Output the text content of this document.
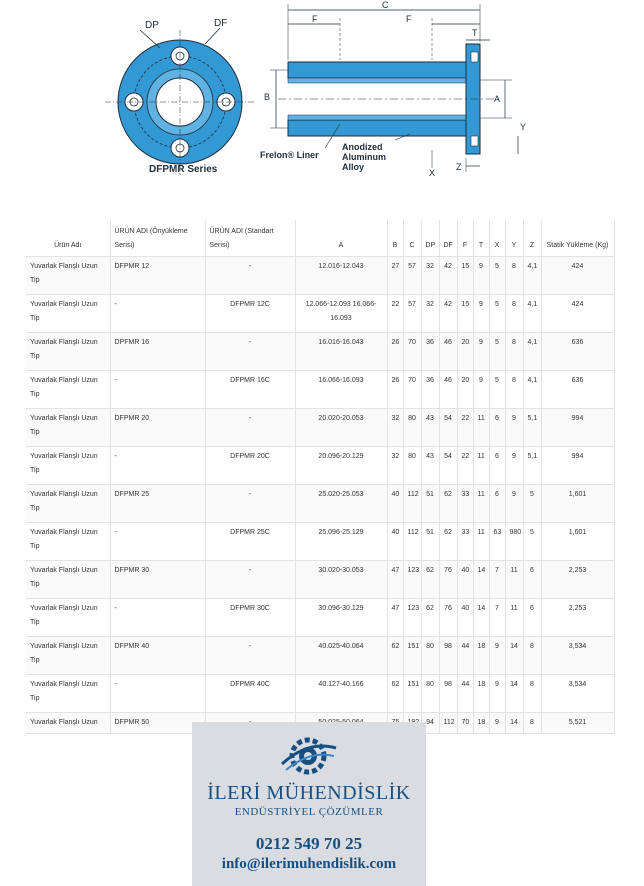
DP	DF
DFPMR Series
C
F	F
T
B	A
Y
X
Z
Frelon® Liner
Anodized
Aluminum
Alloy
Ürün Adı	ÜRÜN ADI (Önyükleme Serisi)	ÜRÜN ADI (Standart Serisi)	A	B	C	DP	DF	F	T	X	Y	Z	Statik Yükleme (Kg)
Yuvarlak Flanşlı Uzun Tip	DFPMR 12	-	12.016-12.043	27	57	32	42	15	9	5	8	4,1	424
Yuvarlak Flanşlı Uzun Tip	-	DFPMR 12C	12.066-12.093 16.066-16.093	22	57	32	42	15	9	5	8	4,1	424
Yuvarlak Flanşlı Uzun Tip	DPFMR 16	-	16.016-16.043	26	70	36	46	20	9	5	8	4,1	636
Yuvarlak Flanşlı Uzun Tip	-	DFPMR 16C	16.066-16.093	26	70	36	46	20	9	5	8	4,1	636
Yuvarlak Flanşlı Uzun Tip	DFPMR 20	-	20.020-20.053	32	80	43	54	22	11	6	9	5,1	994
Yuvarlak Flanşlı Uzun Tip	-	DFPMR 20C	20.096-20.129	32	80	43	54	22	11	6	9	5,1	994
Yuvarlak Flanşlı Uzun Tip	DFPMR 25	-	25.020-25.053	40	112	51	62	33	11	6	9	5	1,601
Yuvarlak Flanşlı Uzun Tip	-	DFPMR 25C	25.096-25.129	40	112	51	62	33	11	63	980	5	1,601
Yuvarlak Flanşlı Uzun Tip	DFPMR 30	-	30.020-30.053	47	123	62	76	40	14	7	11	6	2,253
Yuvarlak Flanşlı Uzun Tip	-	DFPMR 30C	30.096-30.129	47	123	62	76	40	14	7	11	6	2,253
Yuvarlak Flanşlı Uzun Tip	DFPMR 40	-	40.025-40.064	62	151	80	98	44	18	9	14	8	3,534
Yuvarlak Flanşlı Uzun Tip	-	DFPMR 40C	40.127-40.166	62	151	80	98	44	18	9	14	8	3,534
Yuvarlak Flanşlı Uzun	DFPMR 50					94	112	70	18	9	14	8	5,521
İLERİ MÜHENDİSLİK
ENDÜSTRİYEL ÇÖZÜMLER
0212 549 70 25
info@ilerimuhendislik.com
